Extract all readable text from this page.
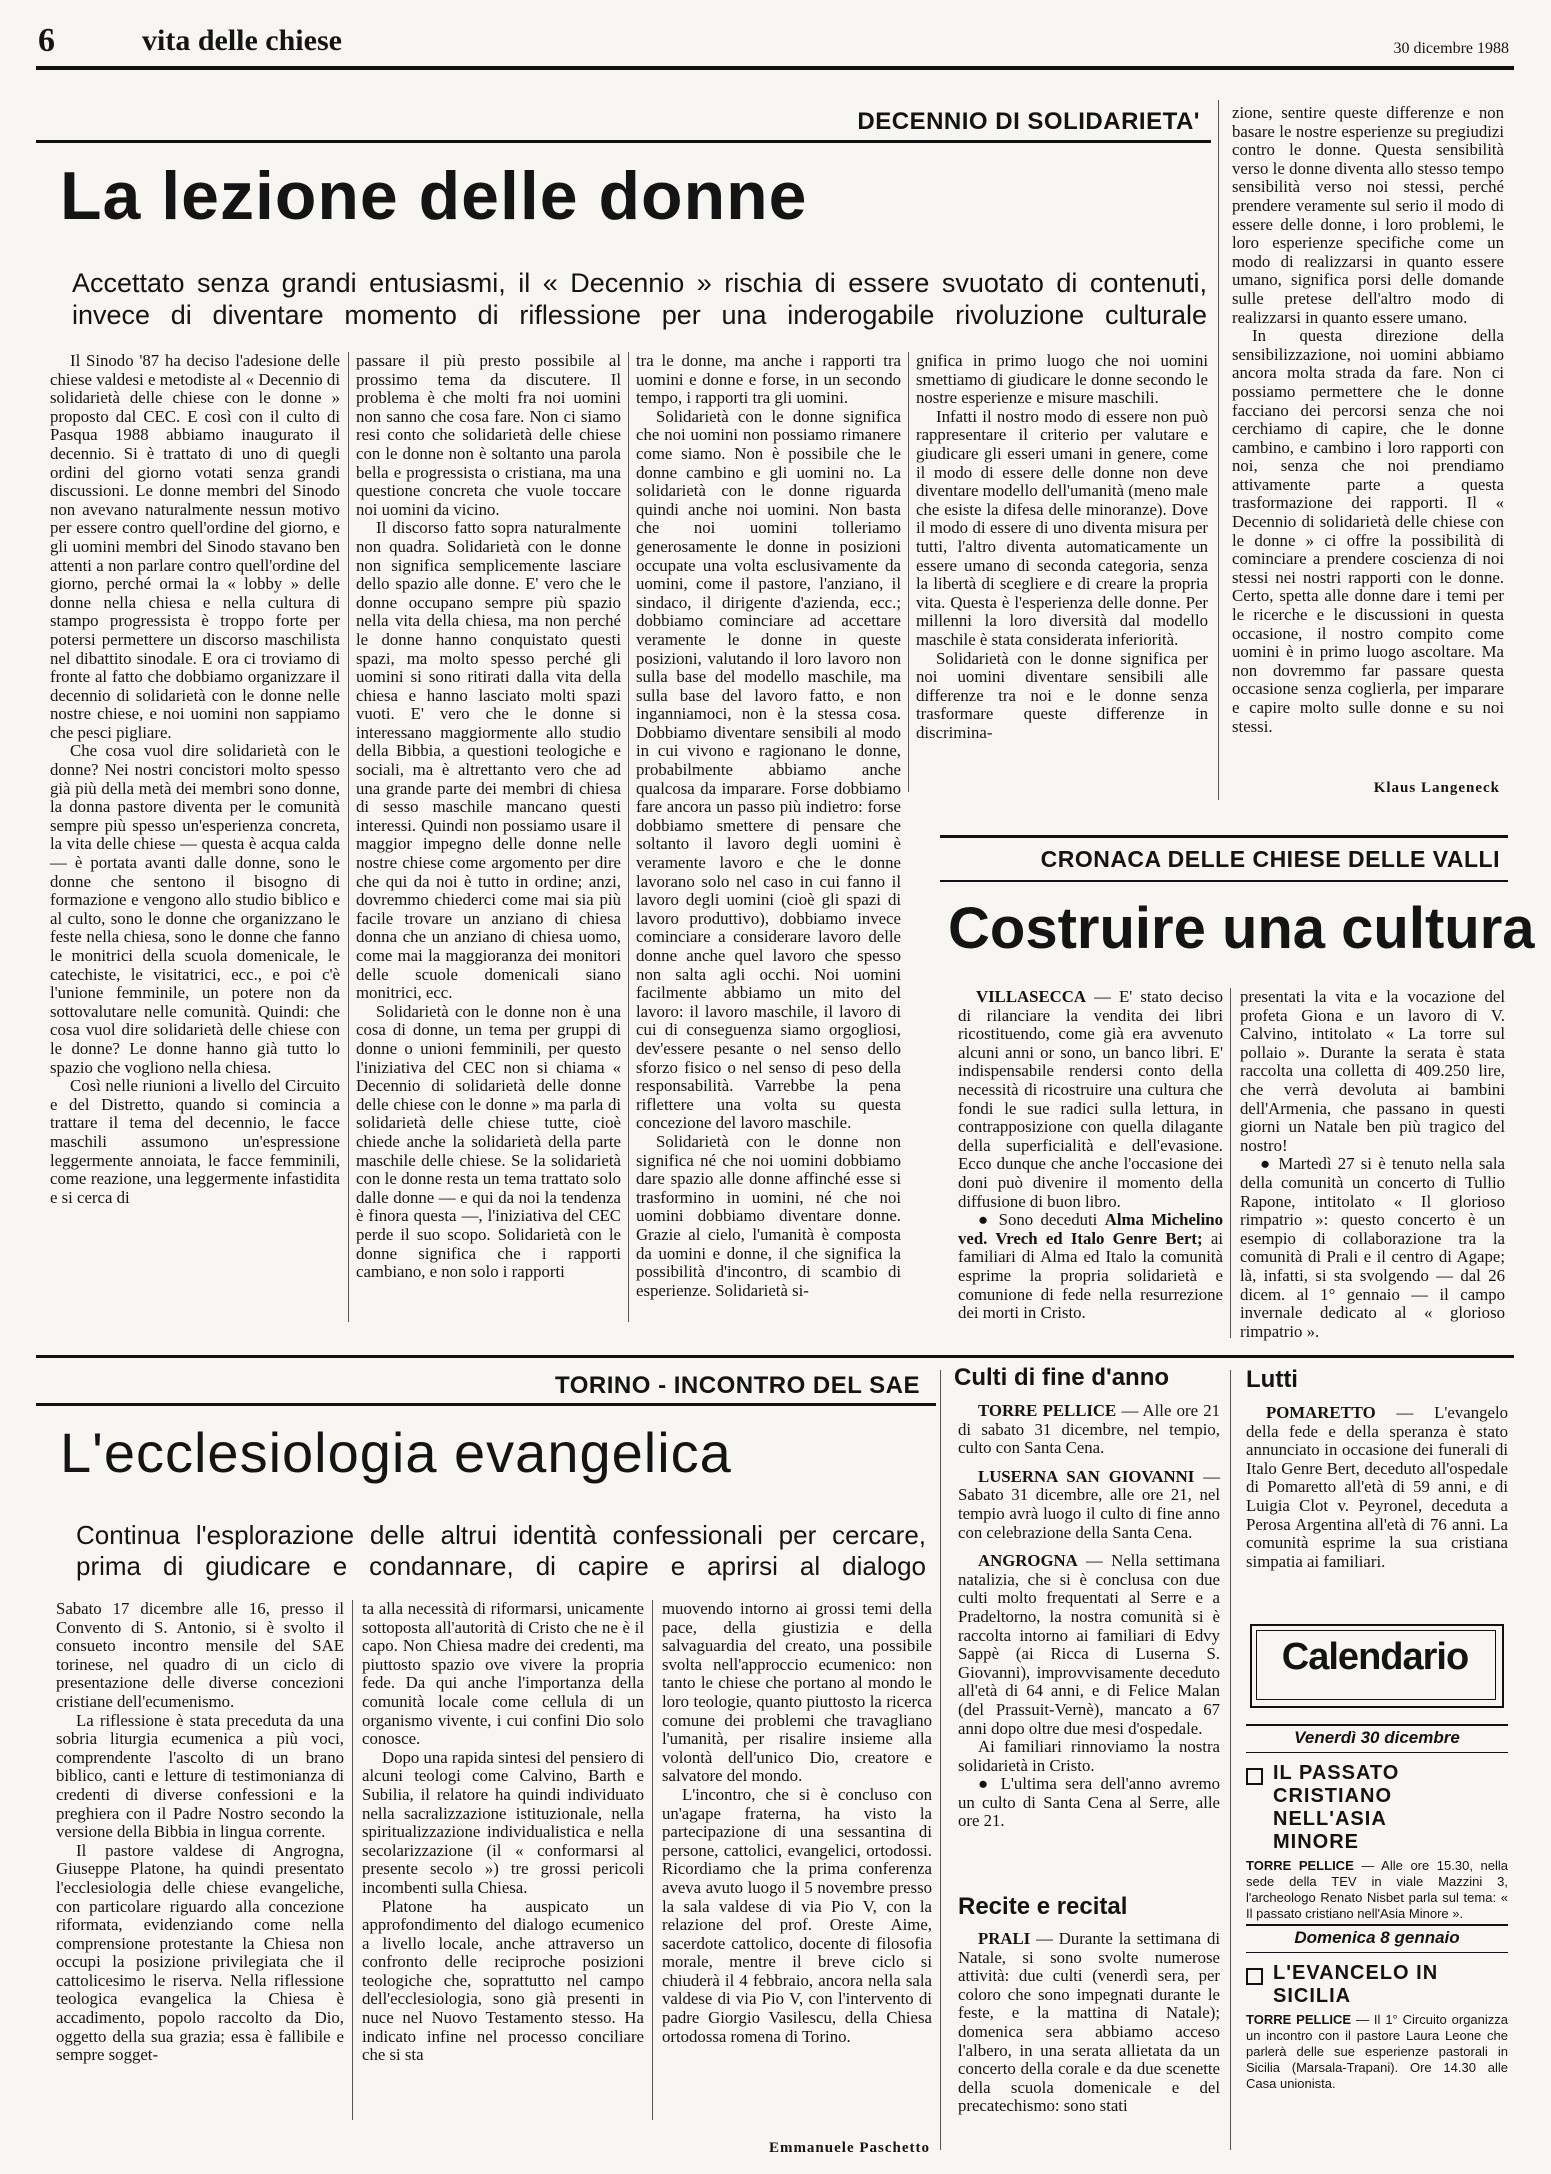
6	vita delle chiese	30 dicembre 1988
DECENNIO DI SOLIDARIETA'
La lezione delle donne
Accettato senza grandi entusiasmi, il « Decennio » rischia di essere svuotato di contenuti, invece di diventare momento di riflessione per una inderogabile rivoluzione culturale

Il Sinodo '87 ha deciso l'adesione delle chiese valdesi e metodiste al « Decennio di solidarietà delle chiese con le donne » proposto dal CEC. E così con il culto di Pasqua 1988 abbiamo inaugurato il decennio. Si è trattato di uno di quegli ordini del giorno votati senza grandi discussioni. Le donne membri del Sinodo non avevano naturalmente nessun motivo per essere contro quell'ordine del giorno, e gli uomini membri del Sinodo stavano ben attenti a non parlare contro quell'ordine del giorno, perché ormai la « lobby » delle donne nella chiesa e nella cultura di stampo progressista è troppo forte per potersi permettere un discorso maschilista nel dibattito sinodale. E ora ci troviamo di fronte al fatto che dobbiamo organizzare il decennio di solidarietà con le donne nelle nostre chiese, e noi uomini non sappiamo che pesci pigliare.

Che cosa vuol dire solidarietà con le donne? Nei nostri concistori molto spesso già più della metà dei membri sono donne, la donna pastore diventa per le comunità sempre più spesso un'esperienza concreta, la vita delle chiese — questa è acqua calda — è portata avanti dalle donne, sono le donne che sentono il bisogno di formazione e vengono allo studio biblico e al culto, sono le donne che organizzano le feste nella chiesa, sono le donne che fanno le monitrici della scuola domenicale, le catechiste, le visitatrici, ecc., e poi c'è l'unione femminile, un potere non da sottovalutare nelle comunità. Quindi: che cosa vuol dire solidarietà delle chiese con le donne? Le donne hanno già tutto lo spazio che vogliono nella chiesa.

Così nelle riunioni a livello del Circuito e del Distretto, quando si comincia a trattare il tema del decennio, le facce maschili assumono un'espressione leggermente annoiata, le facce femminili, come reazione, una leggermente infastidita e si cerca di

passare il più presto possibile al prossimo tema da discutere. Il problema è che molti fra noi uomini non sanno che cosa fare. Non ci siamo resi conto che solidarietà delle chiese con le donne non è soltanto una parola bella e progressista o cristiana, ma una questione concreta che vuole toccare noi uomini da vicino.

Il discorso fatto sopra naturalmente non quadra. Solidarietà con le donne non significa semplicemente lasciare dello spazio alle donne. E' vero che le donne occupano sempre più spazio nella vita della chiesa, ma non perché le donne hanno conquistato questi spazi, ma molto spesso perché gli uomini si sono ritirati dalla vita della chiesa e hanno lasciato molti spazi vuoti. E' vero che le donne si interessano maggiormente allo studio della Bibbia, a questioni teologiche e sociali, ma è altrettanto vero che ad una grande parte dei membri di chiesa di sesso maschile mancano questi interessi. Quindi non possiamo usare il maggior impegno delle donne nelle nostre chiese come argomento per dire che qui da noi è tutto in ordine; anzi, dovremmo chiederci come mai sia più facile trovare un anziano di chiesa donna che un anziano di chiesa uomo, come mai la maggioranza dei monitori delle scuole domenicali siano monitrici, ecc.

Solidarietà con le donne non è una cosa di donne, un tema per gruppi di donne o unioni femminili, per questo l'iniziativa del CEC non si chiama « Decennio di solidarietà delle donne delle chiese con le donne » ma parla di solidarietà delle chiese tutte, cioè chiede anche la solidarietà della parte maschile delle chiese. Se la solidarietà con le donne resta un tema trattato solo dalle donne — e qui da noi la tendenza è finora questa —, l'iniziativa del CEC perde il suo scopo. Solidarietà con le donne significa che i rapporti cambiano, e non solo i rapporti

tra le donne, ma anche i rapporti tra uomini e donne e forse, in un secondo tempo, i rapporti tra gli uomini.

Solidarietà con le donne significa che noi uomini non possiamo rimanere come siamo. Non è possibile che le donne cambino e gli uomini no. La solidarietà con le donne riguarda quindi anche noi uomini. Non basta che noi uomini tolleriamo generosamente le donne in posizioni occupate una volta esclusivamente da uomini, come il pastore, l'anziano, il sindaco, il dirigente d'azienda, ecc.; dobbiamo cominciare ad accettare veramente le donne in queste posizioni, valutando il loro lavoro non sulla base del modello maschile, ma sulla base del lavoro fatto, e non inganniamoci, non è la stessa cosa. Dobbiamo diventare sensibili al modo in cui vivono e ragionano le donne, probabilmente abbiamo anche qualcosa da imparare. Forse dobbiamo fare ancora un passo più indietro: forse dobbiamo smettere di pensare che soltanto il lavoro degli uomini è veramente lavoro e che le donne lavorano solo nel caso in cui fanno il lavoro degli uomini (cioè gli spazi di lavoro produttivo), dobbiamo invece cominciare a considerare lavoro delle donne anche quel lavoro che spesso non salta agli occhi. Noi uomini facilmente abbiamo un mito del lavoro: il lavoro maschile, il lavoro di cui di conseguenza siamo orgogliosi, dev'essere pesante o nel senso dello sforzo fisico o nel senso di peso della responsabilità. Varrebbe la pena riflettere una volta su questa concezione del lavoro maschile.

Solidarietà con le donne non significa né che noi uomini dobbiamo dare spazio alle donne affinché esse si trasformino in uomini, né che noi uomini dobbiamo diventare donne. Grazie al cielo, l'umanità è composta da uomini e donne, il che significa la possibilità d'incontro, di scambio di esperienze. Solidarietà si-

gnifica in primo luogo che noi uomini smettiamo di giudicare le donne secondo le nostre esperienze e misure maschili.

Infatti il nostro modo di essere non può rappresentare il criterio per valutare e giudicare gli esseri umani in genere, come il modo di essere delle donne non deve diventare modello dell'umanità (meno male che esiste la difesa delle minoranze). Dove il modo di essere di uno diventa misura per tutti, l'altro diventa automaticamente un essere umano di seconda categoria, senza la libertà di scegliere e di creare la propria vita. Questa è l'esperienza delle donne. Per millenni la loro diversità dal modello maschile è stata considerata inferiorità.

Solidarietà con le donne significa per noi uomini diventare sensibili alle differenze tra noi e le donne senza trasformare queste differenze in discrimina-

zione, sentire queste differenze e non basare le nostre esperienze su pregiudizi contro le donne. Questa sensibilità verso le donne diventa allo stesso tempo sensibilità verso noi stessi, perché prendere veramente sul serio il modo di essere delle donne, i loro problemi, le loro esperienze specifiche come un modo di realizzarsi in quanto essere umano, significa porsi delle domande sulle pretese dell'altro modo di realizzarsi in quanto essere umano.

In questa direzione della sensibilizzazione, noi uomini abbiamo ancora molta strada da fare. Non ci possiamo permettere che le donne facciano dei percorsi senza che noi cerchiamo di capire, che le donne cambino, e cambino i loro rapporti con noi, senza che noi prendiamo attivamente parte a questa trasformazione dei rapporti. Il « Decennio di solidarietà delle chiese con le donne » ci offre la possibilità di cominciare a prendere coscienza di noi stessi nei nostri rapporti con le donne. Certo, spetta alle donne dare i temi per le ricerche e le discussioni in questa occasione, il nostro compito come uomini è in primo luogo ascoltare. Ma non dovremmo far passare questa occasione senza coglierla, per imparare e capire molto sulle donne e su noi stessi.

Klaus Langeneck
CRONACA DELLE CHIESE DELLE VALLI
Costruire una cultura

VILLASECCA — E' stato deciso di rilanciare la vendita dei libri ricostituendo, come già era avvenuto alcuni anni or sono, un banco libri. E' indispensabile rendersi conto della necessità di ricostruire una cultura che fondi le sue radici sulla lettura, in contrapposizione con quella dilagante della superficialità e dell'evasione. Ecco dunque che anche l'occasione dei doni può divenire il momento della diffusione di buon libro.

● Sono deceduti Alma Michelino ved. Vrech ed Italo Genre Bert; ai familiari di Alma ed Italo la comunità esprime la propria solidarietà e comunione di fede nella resurrezione dei morti in Cristo.

presentati la vita e la vocazione del profeta Giona e un lavoro di V. Calvino, intitolato « La torre sul pollaio ». Durante la serata è stata raccolta una colletta di 409.250 lire, che verrà devoluta ai bambini dell'Armenia, che passano in questi giorni un Natale ben più tragico del nostro!

● Martedì 27 si è tenuto nella sala della comunità un concerto di Tullio Rapone, intitolato « Il glorioso rimpatrio »: questo concerto è un esempio di collaborazione tra la comunità di Prali e il centro di Agape; là, infatti, si sta svolgendo — dal 26 dicem. al 1° gennaio — il campo invernale dedicato al « glorioso rimpatrio ».

TORINO - INCONTRO DEL SAE
L'ecclesiologia evangelica
Continua l'esplorazione delle altrui identità confessionali per cercare, prima di giudicare e condannare, di capire e aprirsi al dialogo

Sabato 17 dicembre alle 16, presso il Convento di S. Antonio, si è svolto il consueto incontro mensile del SAE torinese, nel quadro di un ciclo di presentazione delle diverse concezioni cristiane dell'ecumenismo.

La riflessione è stata preceduta da una sobria liturgia ecumenica a più voci, comprendente l'ascolto di un brano biblico, canti e letture di testimonianza di credenti di diverse confessioni e la preghiera con il Padre Nostro secondo la versione della Bibbia in lingua corrente.

Il pastore valdese di Angrogna, Giuseppe Platone, ha quindi presentato l'ecclesiologia delle chiese evangeliche, con particolare riguardo alla concezione riformata, evidenziando come nella comprensione protestante la Chiesa non occupi la posizione privilegiata che il cattolicesimo le riserva. Nella riflessione teologica evangelica la Chiesa è accadimento, popolo raccolto da Dio, oggetto della sua grazia; essa è fallibile e sempre sogget-

ta alla necessità di riformarsi, unicamente sottoposta all'autorità di Cristo che ne è il capo. Non Chiesa madre dei credenti, ma piuttosto spazio ove vivere la propria fede. Da qui anche l'importanza della comunità locale come cellula di un organismo vivente, i cui confini Dio solo conosce.

Dopo una rapida sintesi del pensiero di alcuni teologi come Calvino, Barth e Subilia, il relatore ha quindi individuato nella sacralizzazione istituzionale, nella spiritualizzazione individualistica e nella secolarizzazione (il « conformarsi al presente secolo ») tre grossi pericoli incombenti sulla Chiesa.

Platone ha auspicato un approfondimento del dialogo ecumenico a livello locale, anche attraverso un confronto delle reciproche posizioni teologiche che, soprattutto nel campo dell'ecclesiologia, sono già presenti in nuce nel Nuovo Testamento stesso. Ha indicato infine nel processo conciliare che si sta

muovendo intorno ai grossi temi della pace, della giustizia e della salvaguardia del creato, una possibile svolta nell'approccio ecumenico: non tanto le chiese che portano al mondo le loro teologie, quanto piuttosto la ricerca comune dei problemi che travagliano l'umanità, per risalire insieme alla volontà dell'unico Dio, creatore e salvatore del mondo.

L'incontro, che si è concluso con un'agape fraterna, ha visto la partecipazione di una sessantina di persone, cattolici, evangelici, ortodossi. Ricordiamo che la prima conferenza aveva avuto luogo il 5 novembre presso la sala valdese di via Pio V, con la relazione del prof. Oreste Aime, sacerdote cattolico, docente di filosofia morale, mentre il breve ciclo si chiuderà il 4 febbraio, ancora nella sala valdese di via Pio V, con l'intervento di padre Giorgio Vasilescu, della Chiesa ortodossa romena di Torino.

Emmanuele Paschetto
Culti di fine d'anno

TORRE PELLICE — Alle ore 21 di sabato 31 dicembre, nel tempio, culto con Santa Cena.

LUSERNA SAN GIOVANNI — Sabato 31 dicembre, alle ore 21, nel tempio avrà luogo il culto di fine anno con celebrazione della Santa Cena.

ANGROGNA — Nella settimana natalizia, che si è conclusa con due culti molto frequentati al Serre e a Pradeltorno, la nostra comunità si è raccolta intorno ai familiari di Edvy Sappè (ai Ricca di Luserna S. Giovanni), improvvisamente deceduto all'età di 64 anni, e di Felice Malan (del Prassuit-Vernè), mancato a 67 anni dopo oltre due mesi d'ospedale.

Ai familiari rinnoviamo la nostra solidarietà in Cristo.

● L'ultima sera dell'anno avremo un culto di Santa Cena al Serre, alle ore 21.

Recite e recital

PRALI — Durante la settimana di Natale, si sono svolte numerose attività: due culti (venerdì sera, per coloro che sono impegnati durante le feste, e la mattina di Natale); domenica sera abbiamo acceso l'albero, in una serata allietata da un concerto della corale e da due scenette della scuola domenicale e del precatechismo: sono stati

Lutti

POMARETTO — L'evangelo della fede e della speranza è stato annunciato in occasione dei funerali di Italo Genre Bert, deceduto all'ospedale di Pomaretto all'età di 59 anni, e di Luigia Clot v. Peyronel, deceduta a Perosa Argentina all'età di 76 anni. La comunità esprime la sua cristiana simpatia ai familiari.

Calendario
Venerdì 30 dicembre
IL PASSATO CRISTIANO NELL'ASIA MINORE

TORRE PELLICE — Alle ore 15.30, nella sede della TEV in viale Mazzini 3, l'archeologo Renato Nisbet parla sul tema: « Il passato cristiano nell'Asia Minore ».

Domenica 8 gennaio
L'EVANCELO IN SICILIA

TORRE PELLICE — Il 1° Circuito organizza un incontro con il pastore Laura Leone che parlerà delle sue esperienze pastorali in Sicilia (Marsala-Trapani). Ore 14.30 alle Casa unionista.
